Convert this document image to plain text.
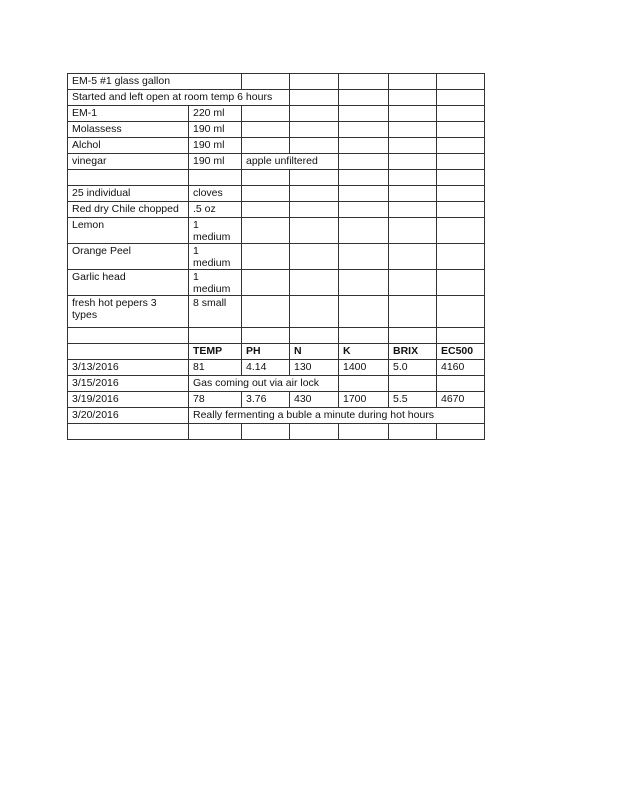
EM-5 #1 glass gallon						
Started and left open at room temp 6 hours						
EM-1	220 ml					
Molassess	190 ml					
Alchol	190 ml					
vinegar	190 ml	apple unfiltered				

25 individual	cloves					
Red dry Chile chopped	.5 oz					
Lemon	1 medium					
Orange Peel	1 medium					
Garlic head	1 medium					
fresh hot pepers 3 types	8 small					

	TEMP	PH	N	K	BRIX	EC500
3/13/2016	81	4.14	130	1400	5.0	4160
3/15/2016	Gas coming out via air lock					
3/19/2016	78	3.76	430	1700	5.5	4670
3/20/2016	Really fermenting a buble a minute during hot hours					
